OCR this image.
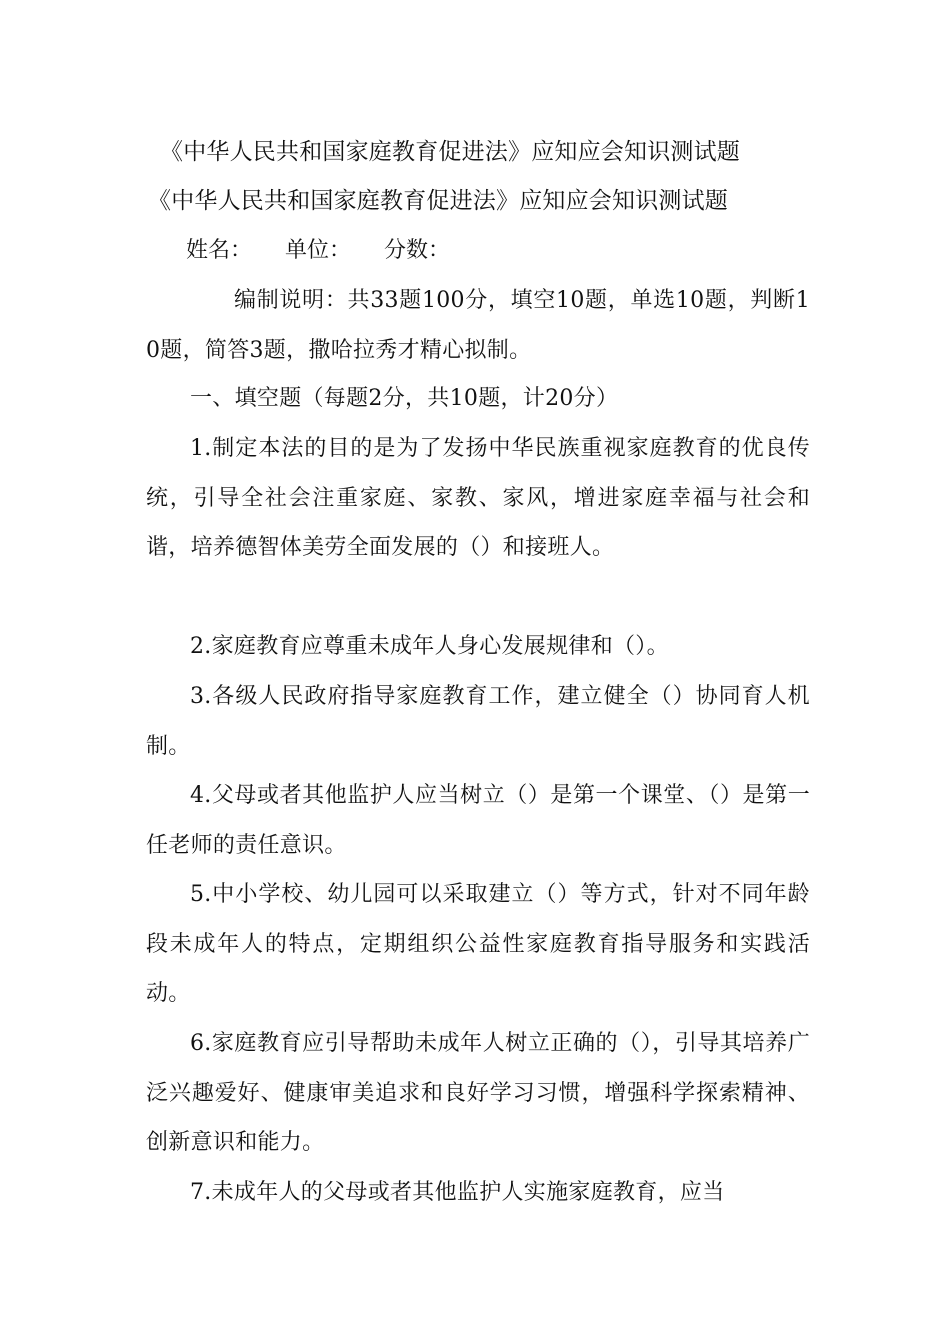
《中华人民共和国家庭教育促进法》应知应会知识测试题
《中华人民共和国家庭教育促进法》应知应会知识测试题
姓名： 单位： 分数：
编制说明：共33题100分，填空10题，单选10题，判断10题，简答3题，撒哈拉秀才精心拟制。
一、填空题（每题2分，共10题，计20分）
1.制定本法的目的是为了发扬中华民族重视家庭教育的优良传统，引导全社会注重家庭、家教、家风，增进家庭幸福与社会和谐，培养德智体美劳全面发展的（）和接班人。
2.家庭教育应尊重未成年人身心发展规律和（）。
3.各级人民政府指导家庭教育工作，建立健全（）协同育人机制。
4.父母或者其他监护人应当树立（）是第一个课堂、（）是第一任老师的责任意识。
5.中小学校、幼儿园可以采取建立（）等方式，针对不同年龄段未成年人的特点，定期组织公益性家庭教育指导服务和实践活动。
6.家庭教育应引导帮助未成年人树立正确的（），引导其培养广泛兴趣爱好、健康审美追求和良好学习习惯，增强科学探索精神、创新意识和能力。
7.未成年人的父母或者其他监护人实施家庭教育，应当
